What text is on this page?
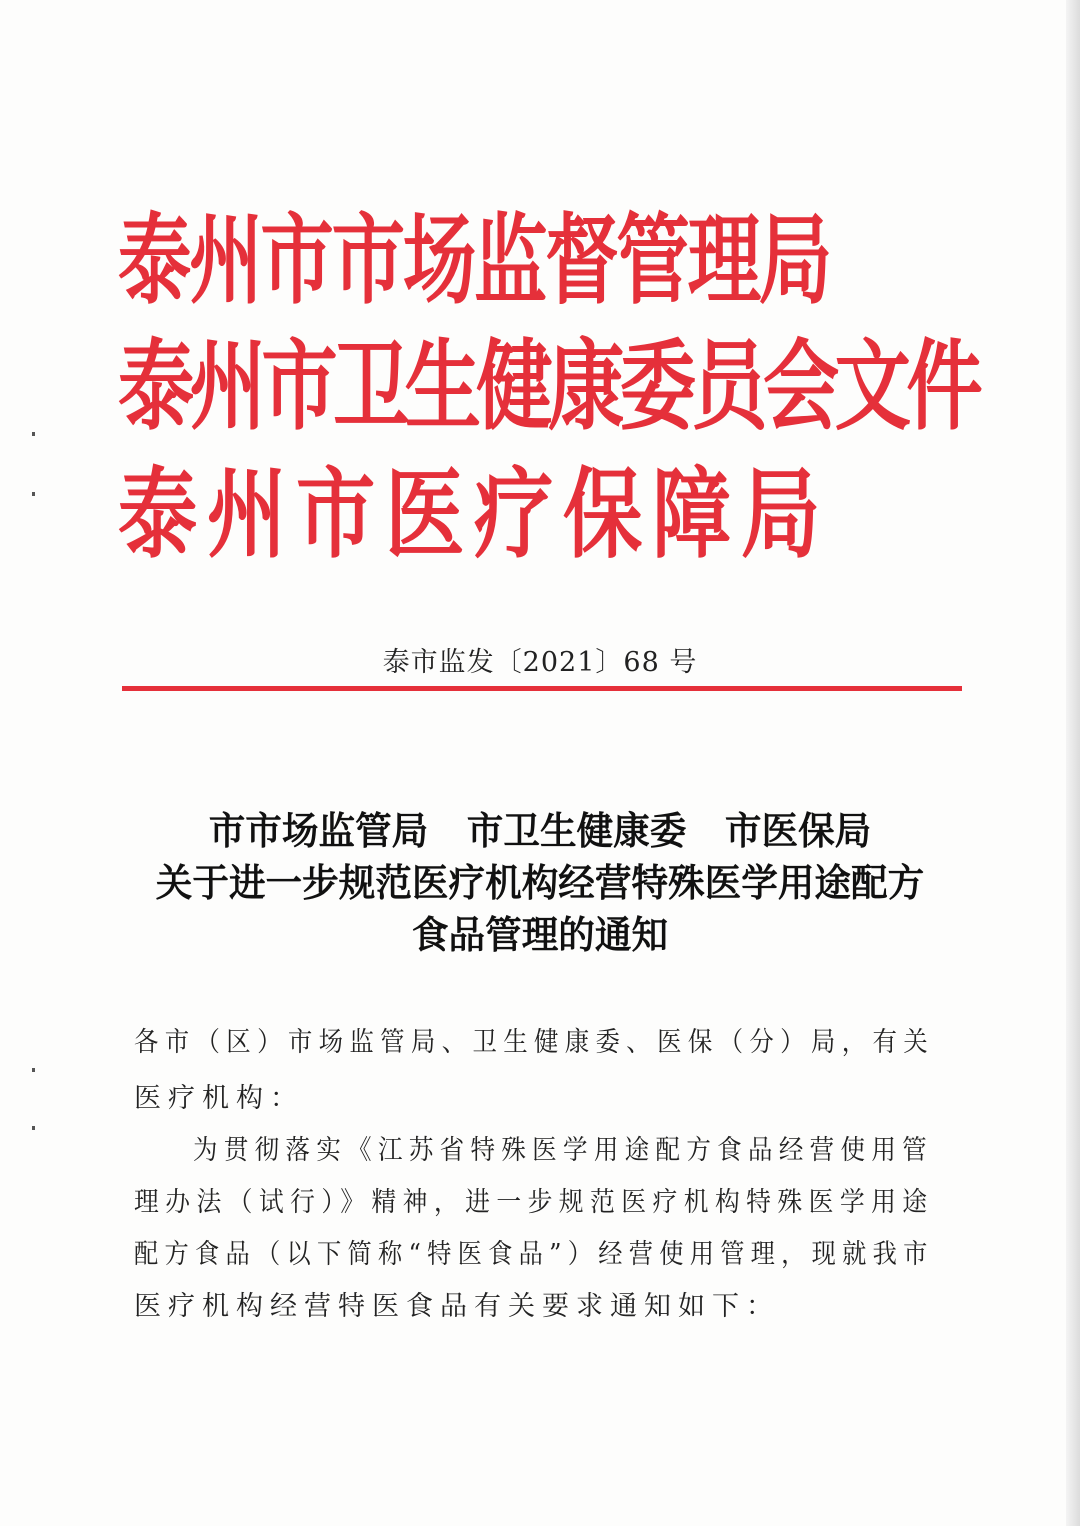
泰州市市场监督管理局
泰州市卫生健康委员会文件
泰州市医疗保障局
泰市监发〔2021〕68 号
市市场监管局 市卫生健康委 市医保局
关于进一步规范医疗机构经营特殊医学用途配方
食品管理的通知
各市（区）市场监管局、卫生健康委、医保（分）局，有关
医疗机构：
为贯彻落实《江苏省特殊医学用途配方食品经营使用管
理办法（试行）》精神，进一步规范医疗机构特殊医学用途
配方食品（以下简称“特医食品”）经营使用管理，现就我市
医疗机构经营特医食品有关要求通知如下：
